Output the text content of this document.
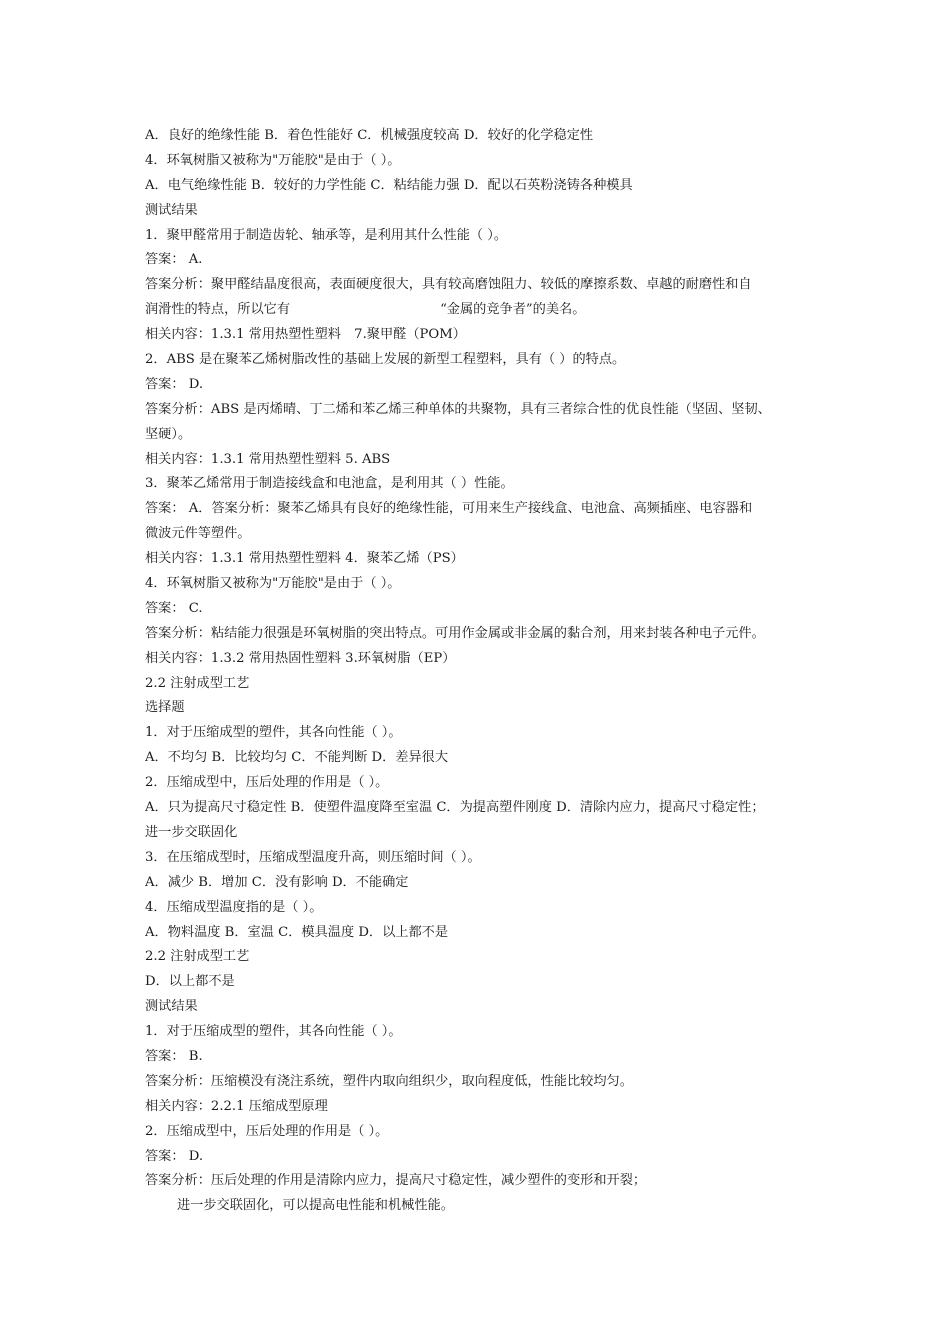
A．良好的绝缘性能 B．着色性能好 C．机械强度较高 D．较好的化学稳定性
4．环氧树脂又被称为"万能胶"是由于（ ）。
A．电气绝缘性能 B．较好的力学性能 C．粘结能力强 D．配以石英粉浇铸各种模具
测试结果
1．聚甲醛常用于制造齿轮、轴承等，是利用其什么性能（ ）。
答案： A.
答案分析：聚甲醛结晶度很高，表面硬度很大，具有较高磨蚀阻力、较低的摩擦系数、卓越的耐磨性和自
润滑性的特点，所以它有	“金属的竞争者”的美名。
相关内容：1.3.1 常用热塑性塑料　7.聚甲醛（POM）
2．ABS 是在聚苯乙烯树脂改性的基础上发展的新型工程塑料，具有（ ）的特点。
答案： D.
答案分析：ABS 是丙烯晴、丁二烯和苯乙烯三种单体的共聚物，具有三者综合性的优良性能（坚固、坚韧、
坚硬）。
相关内容：1.3.1 常用热塑性塑料 5. ABS
3．聚苯乙烯常用于制造接线盒和电池盒，是利用其（ ）性能。
答案： A．答案分析：聚苯乙烯具有良好的绝缘性能，可用来生产接线盒、电池盒、高频插座、电容器和
微波元件等塑件。
相关内容：1.3.1 常用热塑性塑料 4．聚苯乙烯（PS）
4．环氧树脂又被称为"万能胶"是由于（ ）。
答案： C.
答案分析：粘结能力很强是环氧树脂的突出特点。可用作金属或非金属的黏合剂，用来封装各种电子元件。
相关内容：1.3.2 常用热固性塑料 3.环氧树脂（EP）
2.2 注射成型工艺
选择题
1．对于压缩成型的塑件，其各向性能（ ）。
A．不均匀 B．比较均匀 C．不能判断 D．差异很大
2．压缩成型中，压后处理的作用是（ ）。
A．只为提高尺寸稳定性 B．使塑件温度降至室温 C．为提高塑件刚度 D．清除内应力，提高尺寸稳定性；
进一步交联固化
3．在压缩成型时，压缩成型温度升高，则压缩时间（ ）。
A．减少 B．增加 C．没有影响 D．不能确定
4．压缩成型温度指的是（ ）。
A．物料温度 B．室温 C．模具温度 D．以上都不是
2.2 注射成型工艺
D．以上都不是
测试结果
1．对于压缩成型的塑件，其各向性能（ ）。
答案： B.
答案分析：压缩模没有浇注系统，塑件内取向组织少，取向程度低，性能比较均匀。
相关内容：2.2.1 压缩成型原理
2．压缩成型中，压后处理的作用是（ ）。
答案： D.
答案分析：压后处理的作用是清除内应力，提高尺寸稳定性，减少塑件的变形和开裂；
进一步交联固化，可以提高电性能和机械性能。
